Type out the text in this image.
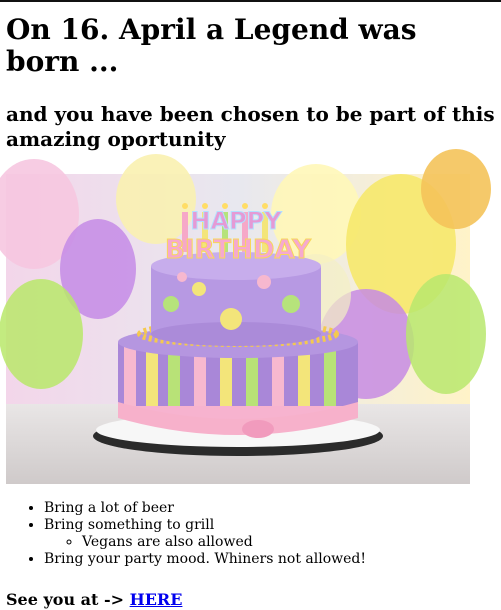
On 16. April a Legend was born ...
and you have been chosen to be part of this amazing oportunity
HAPPY
BIRTHDAY
• Bring a lot of beer
• Bring something to grill
◦ Vegans are also allowed
• Bring your party mood. Whiners not allowed!
See you at -> HERE
